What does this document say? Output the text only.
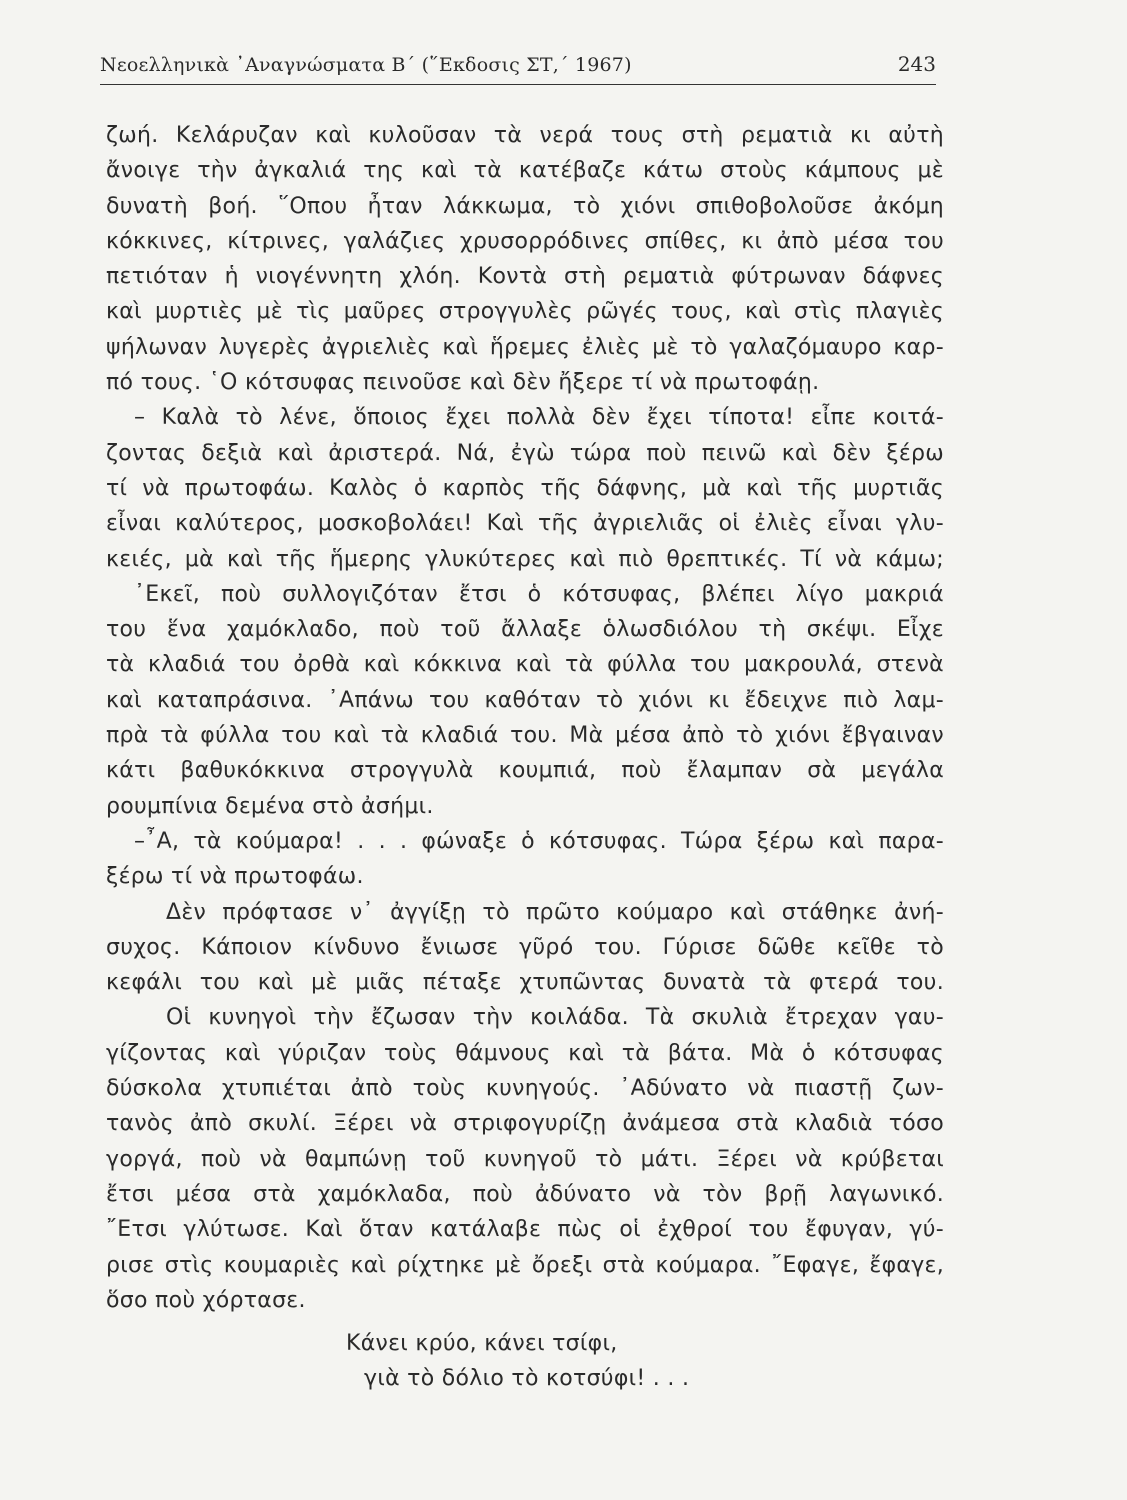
Νεοελληνικὰ ᾿Αναγνώσματα Β΄ (῞Εκδοσις ΣΤ,΄ 1967)	243
ζωή. Κελάρυζαν καὶ κυλοῦσαν τὰ νερά τους στὴ ρεματιὰ κι αὐτὴ
ἄνοιγε τὴν ἀγκαλιά της καὶ τὰ κατέβαζε κάτω στοὺς κάμπους μὲ
δυνατὴ βοή. ῞Οπου ἦταν λάκκωμα, τὸ χιόνι σπιθοβολοῦσε ἀκόμη
κόκκινες, κίτρινες, γαλάζιες χρυσορρόδινες σπίθες, κι ἀπὸ μέσα του
πετιόταν ἡ νιογέννητη χλόη. Κοντὰ στὴ ρεματιὰ φύτρωναν δάφνες
καὶ μυρτιὲς μὲ τὶς μαῦρες στρογγυλὲς ρῶγές τους, καὶ στὶς πλαγιὲς
ψήλωναν λυγερὲς ἀγριελιὲς καὶ ἥρεμες ἐλιὲς μὲ τὸ γαλαζόμαυρο καρ-
πό τους. ῾Ο κότσυφας πεινοῦσε καὶ δὲν ἤξερε τί νὰ πρωτοφάῃ.
– Καλὰ τὸ λένε, ὅποιος ἔχει πολλὰ δὲν ἔχει τίποτα! εἶπε κοιτά-
ζοντας δεξιὰ καὶ ἀριστερά. Νά, ἐγὼ τώρα ποὺ πεινῶ καὶ δὲν ξέρω
τί νὰ πρωτοφάω. Καλὸς ὁ καρπὸς τῆς δάφνης, μὰ καὶ τῆς μυρτιᾶς
εἶναι καλύτερος, μοσκοβολάει! Καὶ τῆς ἀγριελιᾶς οἱ ἐλιὲς εἶναι γλυ-
κειές, μὰ καὶ τῆς ἥμερης γλυκύτερες καὶ πιὸ θρεπτικές. Τί νὰ κάμω;
᾿Εκεῖ, ποὺ συλλογιζόταν ἔτσι ὁ κότσυφας, βλέπει λίγο μακριά
του ἕνα χαμόκλαδο, ποὺ τοῦ ἄλλαξε ὁλωσδιόλου τὴ σκέψι. Εἶχε
τὰ κλαδιά του ὀρθὰ καὶ κόκκινα καὶ τὰ φύλλα του μακρουλά, στενὰ
καὶ καταπράσινα. ᾿Απάνω του καθόταν τὸ χιόνι κι ἔδειχνε πιὸ λαμ-
πρὰ τὰ φύλλα του καὶ τὰ κλαδιά του. Μὰ μέσα ἀπὸ τὸ χιόνι ἔβγαιναν
κάτι βαθυκόκκινα στρογγυλὰ κουμπιά, ποὺ ἔλαμπαν σὰ μεγάλα
ρουμπίνια δεμένα στὸ ἀσήμι.
–῏Α, τὰ κούμαρα! . . . φώναξε ὁ κότσυφας. Τώρα ξέρω καὶ παρα-
ξέρω τί νὰ πρωτοφάω.
Δὲν πρόφτασε ν᾿ ἀγγίξῃ τὸ πρῶτο κούμαρο καὶ στάθηκε ἀνή-
συχος. Κάποιον κίνδυνο ἔνιωσε γῦρό του. Γύρισε δῶθε κεῖθε τὸ
κεφάλι του καὶ μὲ μιᾶς πέταξε χτυπῶντας δυνατὰ τὰ φτερά του.
Οἱ κυνηγοὶ τὴν ἔζωσαν τὴν κοιλάδα. Τὰ σκυλιὰ ἔτρεχαν γαυ-
γίζοντας καὶ γύριζαν τοὺς θάμνους καὶ τὰ βάτα. Μὰ ὁ κότσυφας
δύσκολα χτυπιέται ἀπὸ τοὺς κυνηγούς. ᾿Αδύνατο νὰ πιαστῇ ζων-
τανὸς ἀπὸ σκυλί. Ξέρει νὰ στριφογυρίζῃ ἀνάμεσα στὰ κλαδιὰ τόσο
γοργά, ποὺ νὰ θαμπώνῃ τοῦ κυνηγοῦ τὸ μάτι. Ξέρει νὰ κρύβεται
ἔτσι μέσα στὰ χαμόκλαδα, ποὺ ἀδύνατο νὰ τὸν βρῇ λαγωνικό.
῎Ετσι γλύτωσε. Καὶ ὅταν κατάλαβε πὼς οἱ ἐχθροί του ἔφυγαν, γύ-
ρισε στὶς κουμαριὲς καὶ ρίχτηκε μὲ ὄρεξι στὰ κούμαρα. ῎Εφαγε, ἔφαγε,
ὅσο ποὺ χόρτασε.
Κάνει κρύο, κάνει τσίφι,
γιὰ τὸ δόλιο τὸ κοτσύφι! . . .
